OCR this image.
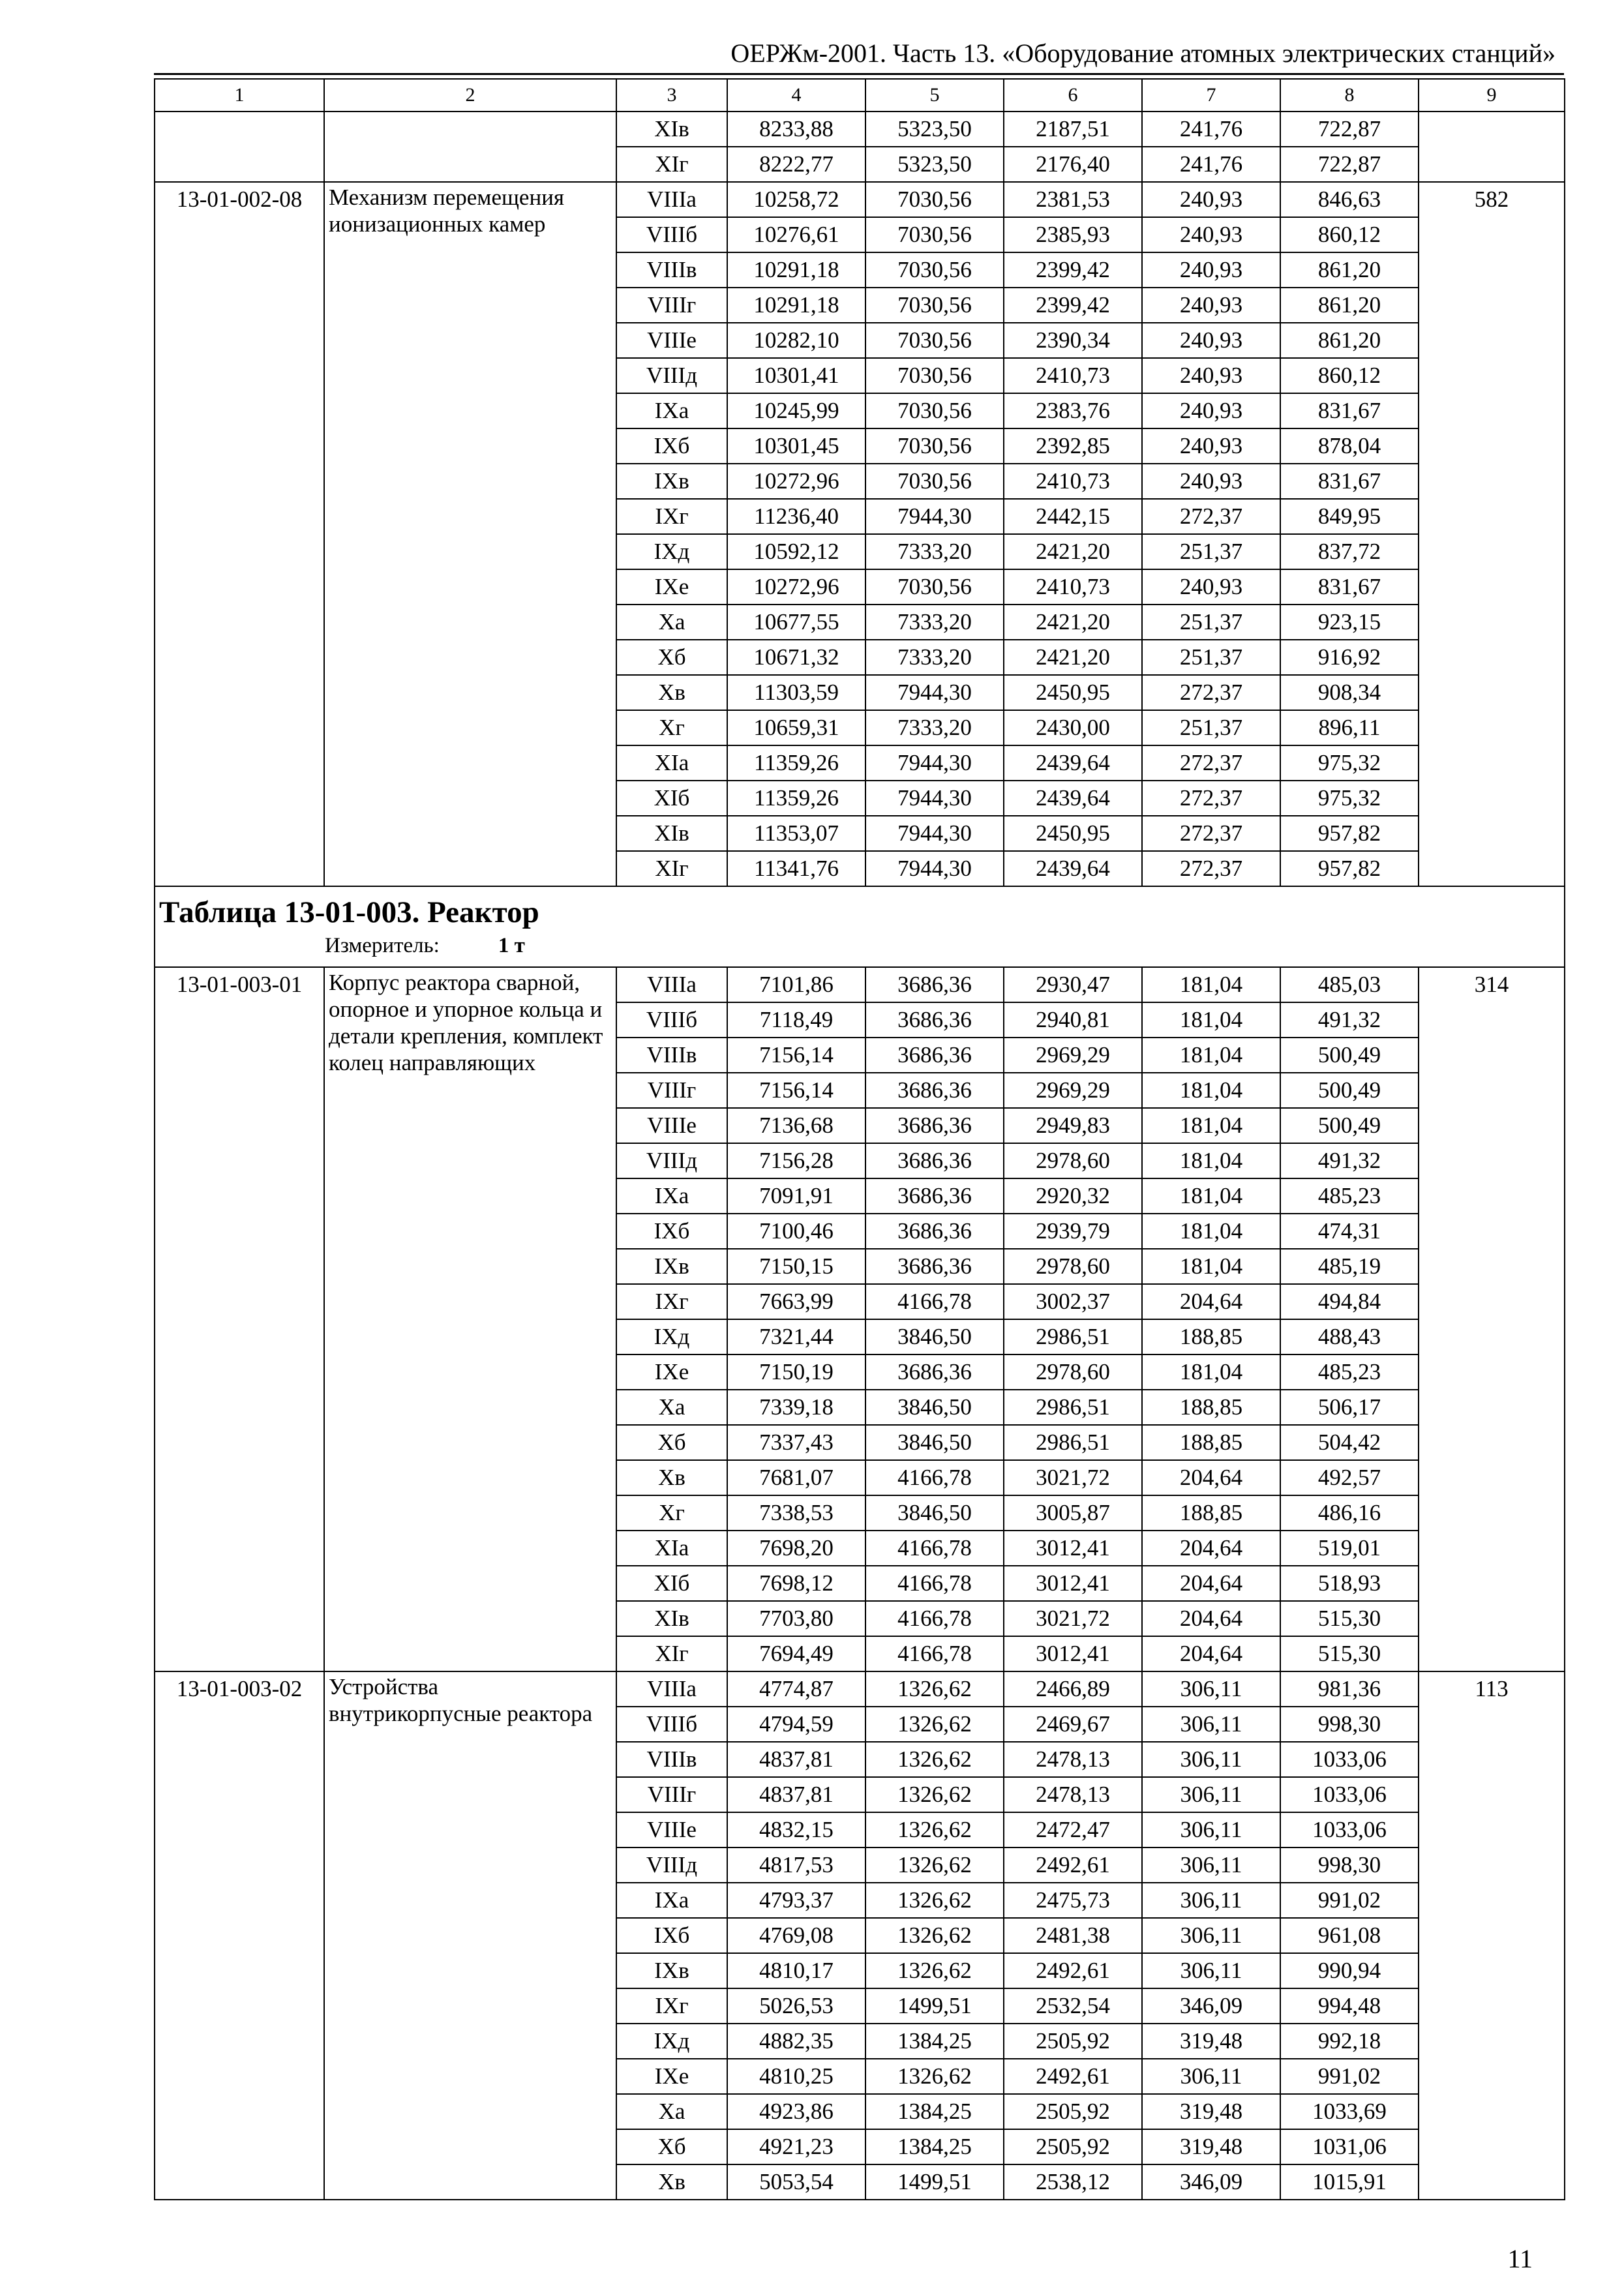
ОЕРЖм-2001. Часть 13. «Оборудование атомных электрических станций»
1	2	3	4	5	6	7	8	9
		XIв	8233,88	5323,50	2187,51	241,76	722,87	
		XIг	8222,77	5323,50	2176,40	241,76	722,87	
13-01-002-08	Механизм перемещения ионизационных камер	VIIIа	10258,72	7030,56	2381,53	240,93	846,63	582
		VIIIб	10276,61	7030,56	2385,93	240,93	860,12	
		VIIIв	10291,18	7030,56	2399,42	240,93	861,20	
		VIIIг	10291,18	7030,56	2399,42	240,93	861,20	
		VIIIе	10282,10	7030,56	2390,34	240,93	861,20	
		VIIIд	10301,41	7030,56	2410,73	240,93	860,12	
		IXа	10245,99	7030,56	2383,76	240,93	831,67	
		IXб	10301,45	7030,56	2392,85	240,93	878,04	
		IXв	10272,96	7030,56	2410,73	240,93	831,67	
		IXг	11236,40	7944,30	2442,15	272,37	849,95	
		IXд	10592,12	7333,20	2421,20	251,37	837,72	
		IXе	10272,96	7030,56	2410,73	240,93	831,67	
		Xа	10677,55	7333,20	2421,20	251,37	923,15	
		Xб	10671,32	7333,20	2421,20	251,37	916,92	
		Xв	11303,59	7944,30	2450,95	272,37	908,34	
		Xг	10659,31	7333,20	2430,00	251,37	896,11	
		XIа	11359,26	7944,30	2439,64	272,37	975,32	
		XIб	11359,26	7944,30	2439,64	272,37	975,32	
		XIв	11353,07	7944,30	2450,95	272,37	957,82	
		XIг	11341,76	7944,30	2439,64	272,37	957,82	

Таблица 13-01-003. Реактор
Измеритель: 1 т								

13-01-003-01	Корпус реактора сварной, опорное и упорное кольца и детали крепления, комплект колец направляющих	VIIIа	7101,86	3686,36	2930,47	181,04	485,03	314
		VIIIб	7118,49	3686,36	2940,81	181,04	491,32	
		VIIIв	7156,14	3686,36	2969,29	181,04	500,49	
		VIIIг	7156,14	3686,36	2969,29	181,04	500,49	
		VIIIе	7136,68	3686,36	2949,83	181,04	500,49	
		VIIIд	7156,28	3686,36	2978,60	181,04	491,32	
		IXа	7091,91	3686,36	2920,32	181,04	485,23	
		IXб	7100,46	3686,36	2939,79	181,04	474,31	
		IXв	7150,15	3686,36	2978,60	181,04	485,19	
		IXг	7663,99	4166,78	3002,37	204,64	494,84	
		IXд	7321,44	3846,50	2986,51	188,85	488,43	
		IXе	7150,19	3686,36	2978,60	181,04	485,23	
		Xа	7339,18	3846,50	2986,51	188,85	506,17	
		Xб	7337,43	3846,50	2986,51	188,85	504,42	
		Xв	7681,07	4166,78	3021,72	204,64	492,57	
		Xг	7338,53	3846,50	3005,87	188,85	486,16	
		XIа	7698,20	4166,78	3012,41	204,64	519,01	
		XIб	7698,12	4166,78	3012,41	204,64	518,93	
		XIв	7703,80	4166,78	3021,72	204,64	515,30	
		XIг	7694,49	4166,78	3012,41	204,64	515,30	
13-01-003-02	Устройства внутрикорпусные реактора	VIIIа	4774,87	1326,62	2466,89	306,11	981,36	113
		VIIIб	4794,59	1326,62	2469,67	306,11	998,30	
		VIIIв	4837,81	1326,62	2478,13	306,11	1033,06	
		VIIIг	4837,81	1326,62	2478,13	306,11	1033,06	
		VIIIе	4832,15	1326,62	2472,47	306,11	1033,06	
		VIIIд	4817,53	1326,62	2492,61	306,11	998,30	
		IXа	4793,37	1326,62	2475,73	306,11	991,02	
		IXб	4769,08	1326,62	2481,38	306,11	961,08	
		IXв	4810,17	1326,62	2492,61	306,11	990,94	
		IXг	5026,53	1499,51	2532,54	346,09	994,48	
		IXд	4882,35	1384,25	2505,92	319,48	992,18	
		IXе	4810,25	1326,62	2492,61	306,11	991,02	
		Xа	4923,86	1384,25	2505,92	319,48	1033,69	
		Xб	4921,23	1384,25	2505,92	319,48	1031,06	
		Xв	5053,54	1499,51	2538,12	346,09	1015,91	
11
